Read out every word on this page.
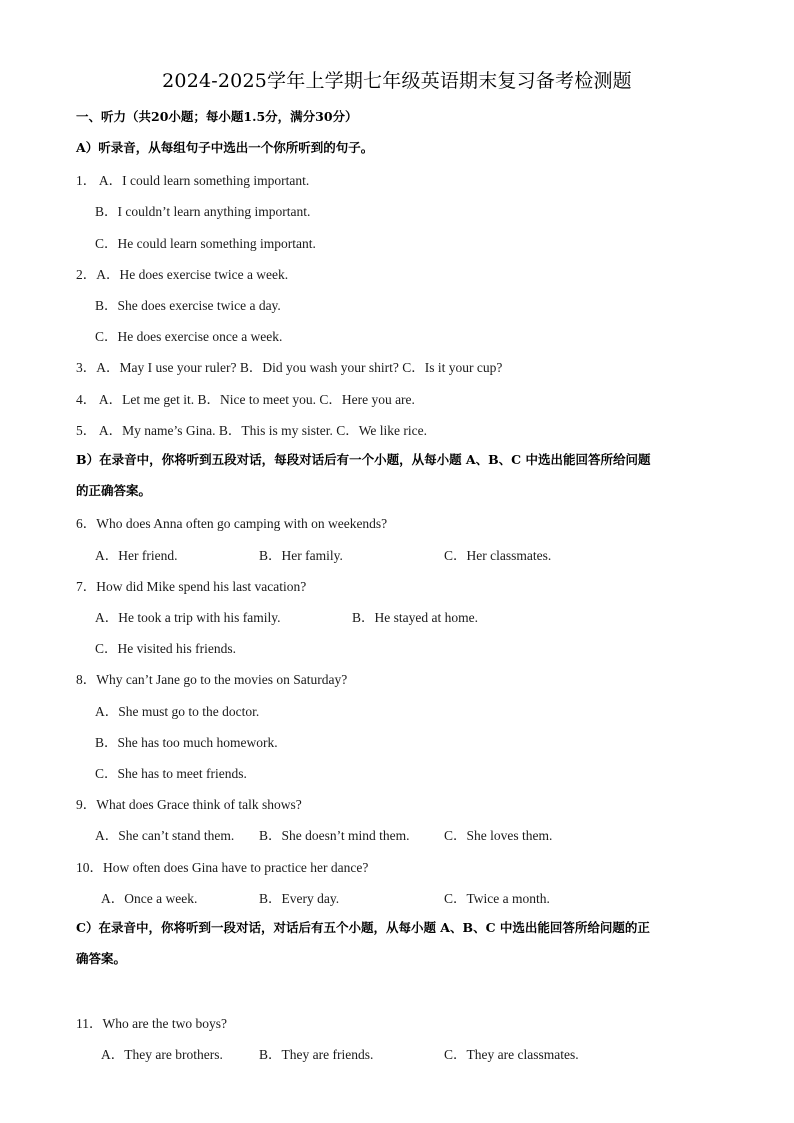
2024-2025学年上学期七年级英语期末复习备考检测题
一、听力（共20小题；每小题1.5分，满分30分）
A）听录音，从每组句子中选出一个你所听到的句子。
1． A．I could learn something important.
B．I couldn’t learn anything important.
C．He could learn something important.
2．A．He does exercise twice a week.
B．She does exercise twice a day.
C．He does exercise once a week.
3．A．May I use your ruler? B．Did you wash your shirt? C．Is it your cup?
4． A．Let me get it. B．Nice to meet you. C．Here you are.
5． A．My name’s Gina. B．This is my sister. C．We like rice.
B）在录音中，你将听到五段对话，每段对话后有一个小题，从每小题 A、B、C 中选出能回答所给问题
的正确答案。
6．Who does Anna often go camping with on weekends?
A．Her friend.	B．Her family.	C．Her classmates.
7．How did Mike spend his last vacation?
A．He took a trip with his family.	B．He stayed at home.
C．He visited his friends.
8．Why can’t Jane go to the movies on Saturday?
A．She must go to the doctor.
B．She has too much homework.
C．She has to meet friends.
9．What does Grace think of talk shows?
A．She can’t stand them. B．She doesn’t mind them.	C．She loves them.
10．How often does Gina have to practice her dance?
A．Once a week.	B．Every day.	C．Twice a month.
C）在录音中，你将听到一段对话，对话后有五个小题，从每小题 A、B、C 中选出能回答所给问题的正
确答案。
11．Who are the two boys?
A．They are brothers.	B．They are friends.	C．They are classmates.
